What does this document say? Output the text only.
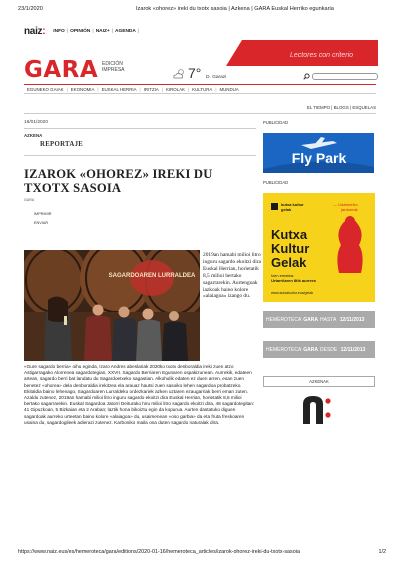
23/1/2020	Izarok «ohorez» ireki du txotx sasoia | Azkena | GARA Euskal Herriko egunkaria
naiz:	INFO | OPINIÓN | NAIZ+ | AGENDA |
Lectores con criterio
GARA EDICIÓN
IMPRESA	7° D. Garazi
EGUNEKO GAIAK | EKONOMIA | EUSKAL HERRIA | IRITZIA | KIROLAK | KULTURA | MUNDUA
EL TIEMPO | BLOGS | ESQUELAS
16/01/2020
AZKENA
REPORTAJE
IZAROK «OHOREZ» IREKI DU TXOTX SASOIA
GARA
IMPRIMIR
ENVIAR
SAGARDOAREN LURRALDEA
2019an hamabi milioi litro inguru sagardo ekoitzi dira Euskal Herrian, horietatik 8,5 milioi bertako sagarrarekin. Aurtengoak iazkoak baino kolore «alaiagoa» izango du.

«Gure sagardo berria» oihu eginda, Izaro Andres abeslariak 2020ko txotx denboraldia ireki zuen atzo Astigarragako Alorrenea sagardotegian, XXVII. Sagardo Berriaren Egunaren ospakizunean. Aurrekik, edateen artean, sagardo berri bat landatu du Sagardoetxeko sagastian. Alkoholik edaten ez duen arren, esan zuen benetez «ohorea» dela denboraldia irekitzea ela arauaz hautsi zuen sasoiko lehen sagardoa probatzeko. Ekitaldia baino lehenago, Sagardoaren Lurraldeko ordezkariek azken uztaren ezaugarriak berri eman zuten. Azaldu zutenez, 2019an hamabi milioi litro inguru sagardo ekoitzi dira Euskal Herrian, horietatik 8,5 milioi bertako sagarrarekin. Euskal Sagardoa Jatorri Deiturako hiru milioi litro sagardo ekoitzi dira, 48 sagardotegitan: 41 Gipuzkoan, 5 Bizkaian eta 2 Araban; laztik hona bikoiztu egin da kopurua. Aurten dastatuko diguen sagardoak aurreko urteetan baino kolore «alaiagoa» du, usaimenean «oso garbia» da eta fruta freskoaren usaina du, sagardogileek adierazi zutenez. Karboniko maila ona duten sagardo naturalak dira.

PUBLICIDAD
Fly Park
PUBLICIDAD
kutxa kultur
gelak
— Udaberriko
jarduerak
Kutxa
Kultur
Gelak
Izen ematea:
Urtarrilaren 8tik aurrera
www.kutxakultur.eus/gelak
HEMEROTECA GARA HASTA
12/11/2013
HEMEROTECA GARA DESDE
12/11/2013
AZKENAK
https://www.naiz.eus/es/hemeroteca/gara/editions/2020-01-16/hemeroteca_articles/izarok-ohorez-ireki-du-txotx-sasoia	1/2
